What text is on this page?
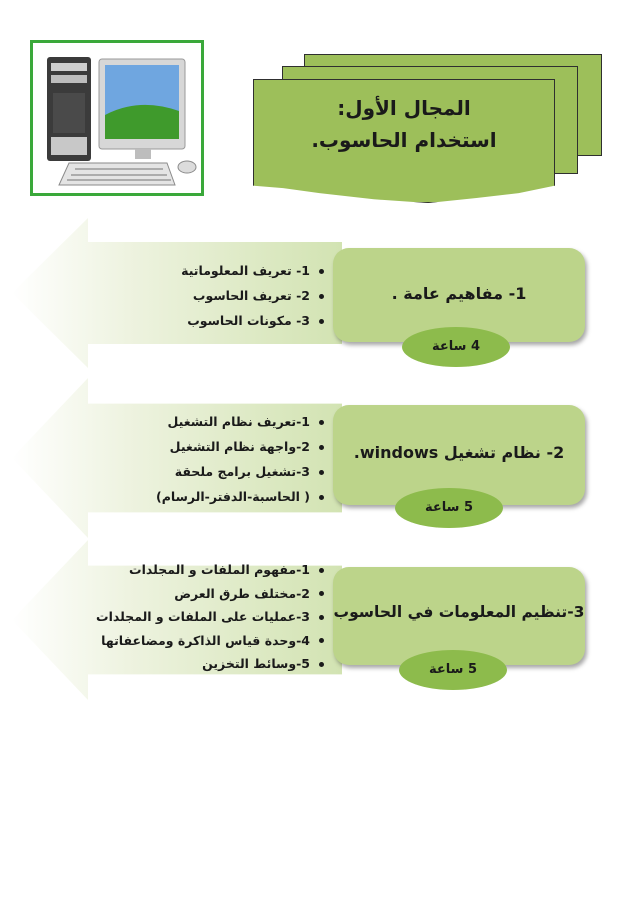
المجال الأول:
استخدام الحاسوب.
1- تعريف المعلوماتية
2- تعريف الحاسوب
3- مكونات الحاسوب
1- مفاهيم عامة .
4 ساعة
1-تعريف نظام التشغيل
2-واجهة نظام التشغيل
3-تشغيل برامج ملحقة
( الحاسبة-الدفتر-الرسام)
2- نظام تشغيل windows.
5 ساعة
1-مفهوم الملفات و المجلدات
2-مختلف طرق العرض
3-عمليات على الملفات و المجلدات
4-وحدة قياس الذاكرة ومضاعفاتها
5-وسائط التخزين
3-تنظيم المعلومات في الحاسوب
5 ساعة
